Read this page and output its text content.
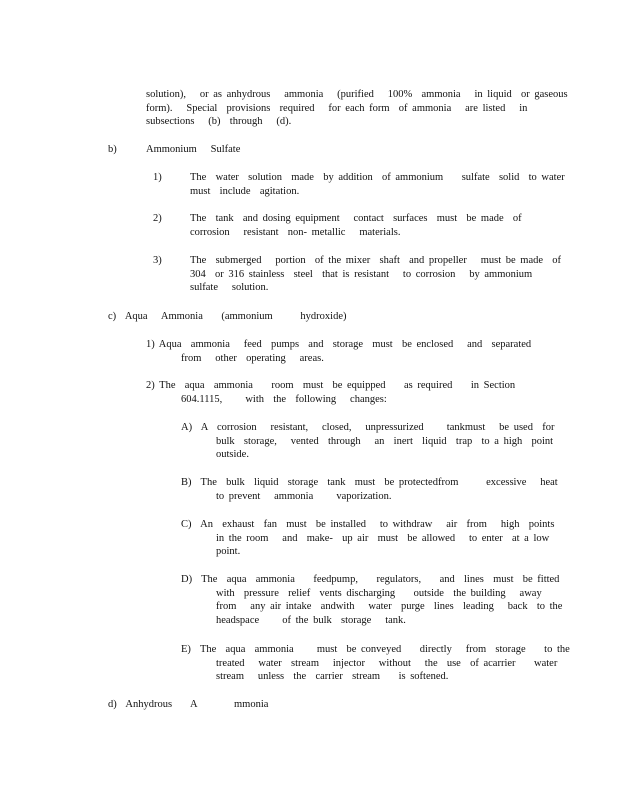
solution),   or as anhydrous   ammonia   (purified   100%  ammonia   in liquid  or gaseous
form).   Special  provisions  required   for each form  of ammonia   are listed   in
subsections   (b)  through   (d).
b)	Ammonium   Sulfate
1)	The  water  solution  made  by addition  of ammonium    sulfate  solid  to water
must  include  agitation.
2)	The  tank  and dosing equipment   contact  surfaces  must  be made  of
corrosion   resistant  non- metallic   materials.
3)	The  submerged   portion  of the mixer  shaft  and propeller   must be made  of
304  or 316 stainless  steel  that is resistant   to corrosion   by ammonium
sulfate   solution.
c)  Aqua   Ammonia    (ammonium      hydroxide)
1) Aqua  ammonia   feed  pumps  and  storage  must  be enclosed   and  separated
from   other  operating   areas.
2) The  aqua  ammonia    room  must  be equipped    as required    in Section
604.1115,     with  the  following   changes:
A)  A  corrosion   resistant,   closed,   unpressurized     tankmust   be used  for
bulk  storage,   vented  through   an  inert  liquid  trap  to a high  point
outside.
B)  The  bulk  liquid  storage  tank  must  be protectedfrom      excessive   heat
to prevent   ammonia     vaporization.
C)  An  exhaust  fan  must  be installed   to withdraw   air  from   high  points
in the room   and  make-  up air  must  be allowed   to enter  at a low
point.
D)  The  aqua  ammonia    feedpump,    regulators,    and  lines  must  be fitted
with  pressure  relief  vents discharging    outside  the building   away
from   any air intake  andwith   water  purge  lines  leading   back  to the
headspace     of the bulk  storage   tank.
E)  The  aqua  ammonia     must  be conveyed    directly   from  storage    to the
treated   water  stream   injector   without   the  use  of acarrier    water
stream   unless  the  carrier  stream    is softened.
d)  Anhydrous    A        mmonia
